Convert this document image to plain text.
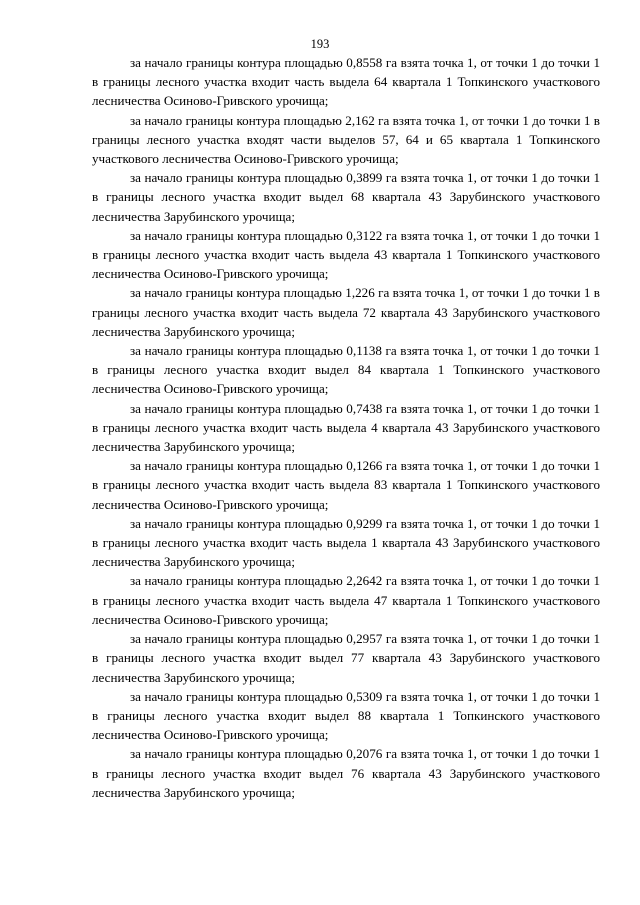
193

за начало границы контура площадью 0,8558 га взята точка 1, от точки 1 до точки 1 в границы лесного участка входит часть выдела 64 квартала 1 Топкинского участкового лесничества Осиново-Гривского урочища;

за начало границы контура площадью 2,162 га взята точка 1, от точки 1 до точки 1 в границы лесного участка входят части выделов 57, 64 и 65 квартала 1 Топкинского участкового лесничества Осиново-Гривского урочища;

за начало границы контура площадью 0,3899 га взята точка 1, от точки 1 до точки 1 в границы лесного участка входит выдел 68 квартала 43 Зарубинского участкового лесничества Зарубинского урочища;

за начало границы контура площадью 0,3122 га взята точка 1, от точки 1 до точки 1 в границы лесного участка входит часть выдела 43 квартала 1 Топкинского участкового лесничества Осиново-Гривского урочища;

за начало границы контура площадью 1,226 га взята точка 1, от точки 1 до точки 1 в границы лесного участка входит часть выдела 72 квартала 43 Зарубинского участкового лесничества Зарубинского урочища;

за начало границы контура площадью 0,1138 га взята точка 1, от точки 1 до точки 1 в границы лесного участка входит выдел 84 квартала 1 Топкинского участкового лесничества Осиново-Гривского урочища;

за начало границы контура площадью 0,7438 га взята точка 1, от точки 1 до точки 1 в границы лесного участка входит часть выдела 4 квартала 43 Зарубинского участкового лесничества Зарубинского урочища;

за начало границы контура площадью 0,1266 га взята точка 1, от точки 1 до точки 1 в границы лесного участка входит часть выдела 83 квартала 1 Топкинского участкового лесничества Осиново-Гривского урочища;

за начало границы контура площадью 0,9299 га взята точка 1, от точки 1 до точки 1 в границы лесного участка входит часть выдела 1 квартала 43 Зарубинского участкового лесничества Зарубинского урочища;

за начало границы контура площадью 2,2642 га взята точка 1, от точки 1 до точки 1 в границы лесного участка входит часть выдела 47 квартала 1 Топкинского участкового лесничества Осиново-Гривского урочища;

за начало границы контура площадью 0,2957 га взята точка 1, от точки 1 до точки 1 в границы лесного участка входит выдел 77 квартала 43 Зарубинского участкового лесничества Зарубинского урочища;

за начало границы контура площадью 0,5309 га взята точка 1, от точки 1 до точки 1 в границы лесного участка входит выдел 88 квартала 1 Топкинского участкового лесничества Осиново-Гривского урочища;

за начало границы контура площадью 0,2076 га взята точка 1, от точки 1 до точки 1 в границы лесного участка входит выдел 76 квартала 43 Зарубинского участкового лесничества Зарубинского урочища;
